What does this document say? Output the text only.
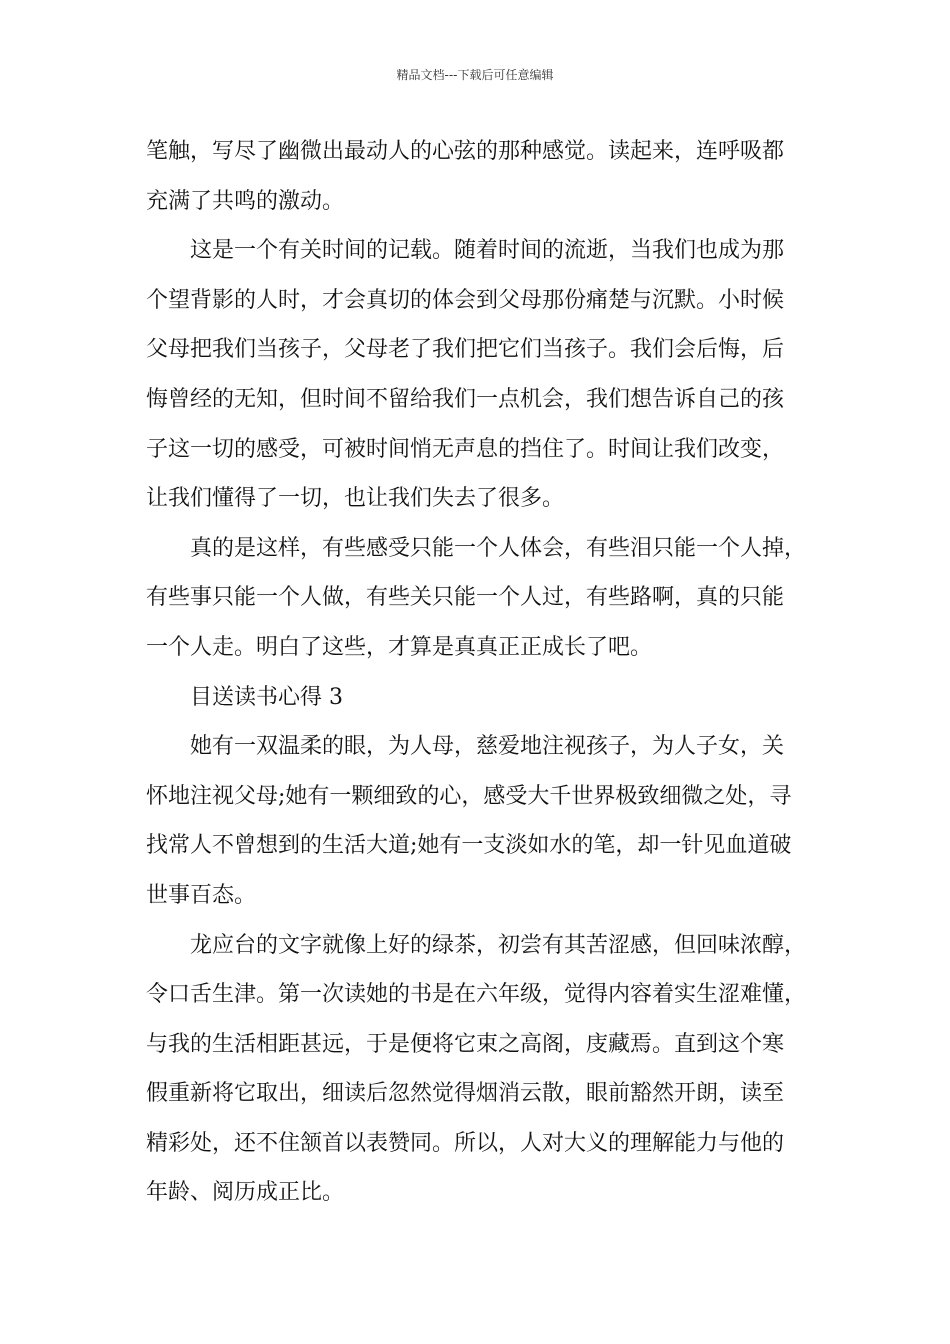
精品文档---下载后可任意编辑
笔触，写尽了幽微出最动人的心弦的那种感觉。读起来，连呼吸都
充满了共鸣的激动。
这是一个有关时间的记载。随着时间的流逝，当我们也成为那
个望背影的人时，才会真切的体会到父母那份痛楚与沉默。小时候
父母把我们当孩子，父母老了我们把它们当孩子。我们会后悔，后
悔曾经的无知，但时间不留给我们一点机会，我们想告诉自己的孩
子这一切的感受，可被时间悄无声息的挡住了。时间让我们改变，
让我们懂得了一切，也让我们失去了很多。
真的是这样，有些感受只能一个人体会，有些泪只能一个人掉，
有些事只能一个人做，有些关只能一个人过，有些路啊，真的只能
一个人走。明白了这些，才算是真真正正成长了吧。
目送读书心得 3
她有一双温柔的眼，为人母，慈爱地注视孩子，为人子女，关
怀地注视父母;她有一颗细致的心，感受大千世界极致细微之处，寻
找常人不曾想到的生活大道;她有一支淡如水的笔，却一针见血道破
世事百态。
龙应台的文字就像上好的绿茶，初尝有其苦涩感，但回味浓醇，
令口舌生津。第一次读她的书是在六年级，觉得内容着实生涩难懂，
与我的生活相距甚远，于是便将它束之高阁，庋藏焉。直到这个寒
假重新将它取出，细读后忽然觉得烟消云散，眼前豁然开朗，读至
精彩处，还不住颔首以表赞同。所以，人对大义的理解能力与他的
年龄、阅历成正比。
